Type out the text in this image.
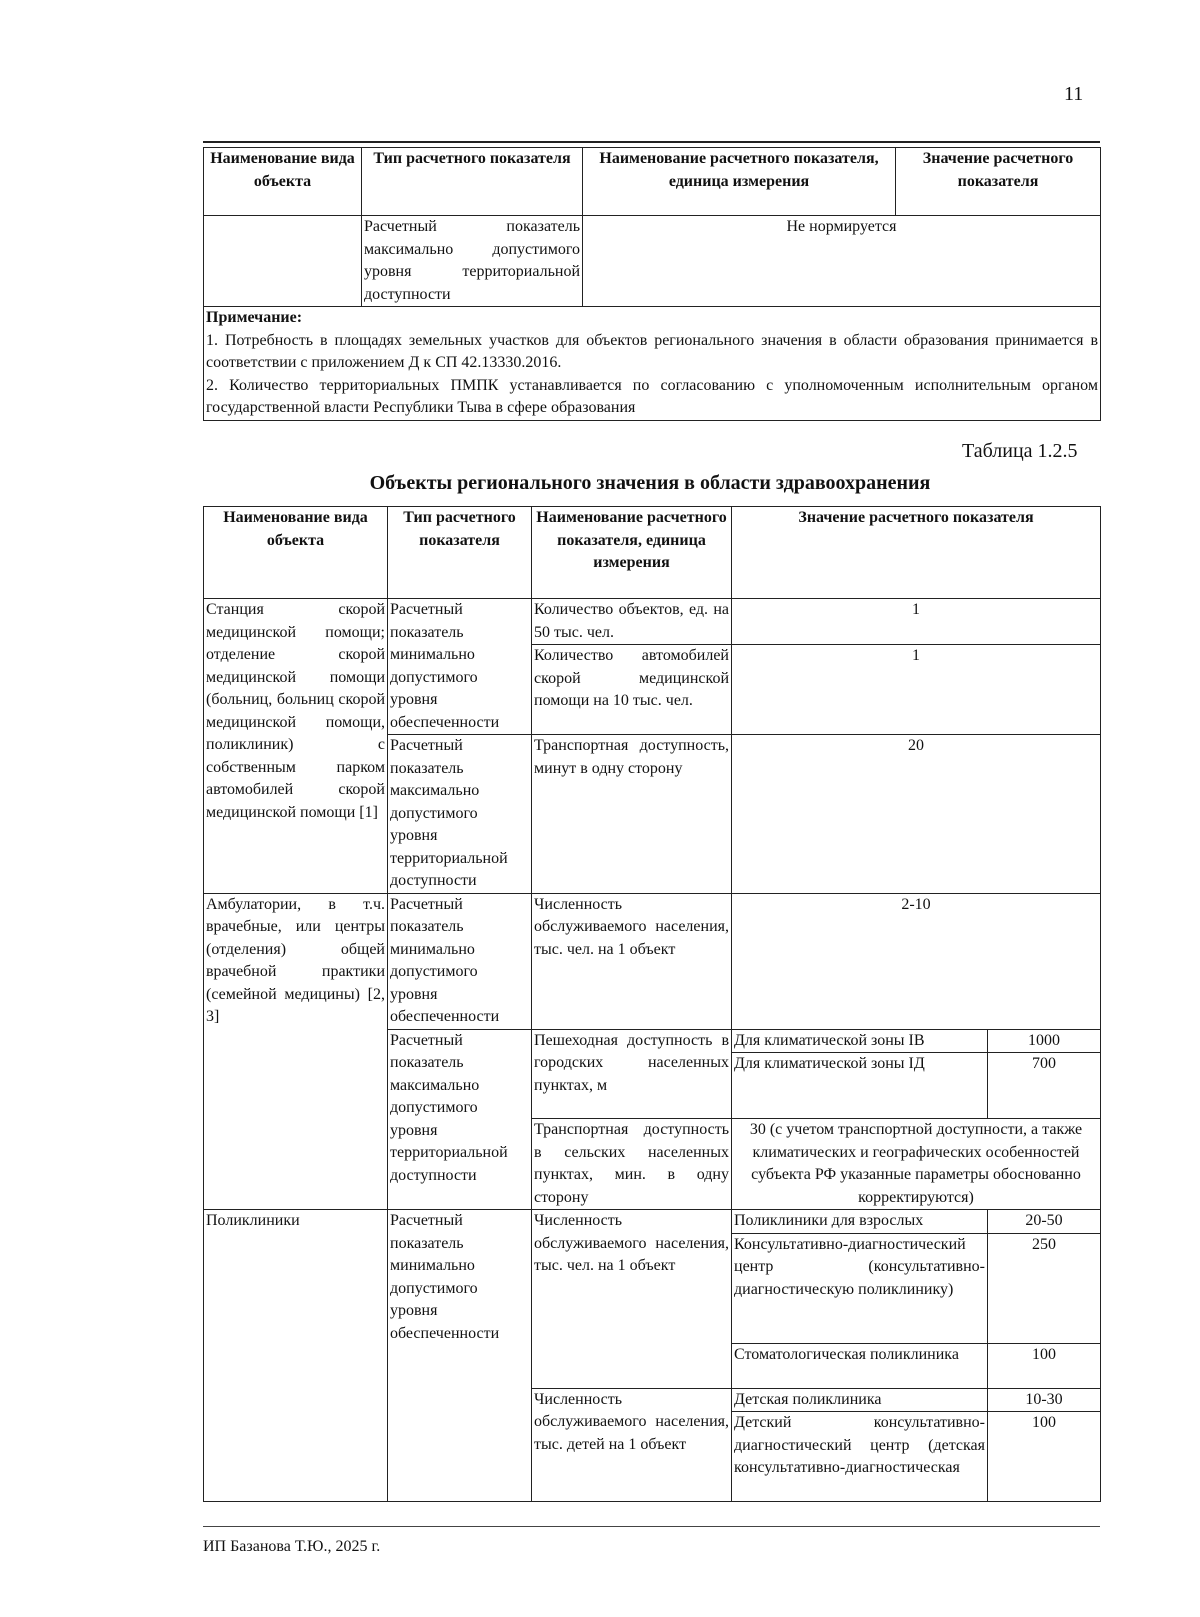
11
Наименование вида объекта	Тип расчетного показателя	Наименование расчетного показателя, единица измерения	Значение расчетного показателя
	Расчетный показатель максимально допустимого уровня территориальной доступности	Не нормируется	

Примечание:
1. Потребность в площадях земельных участков для объектов регионального значения в области образования принимается в соответствии с приложением Д к СП 42.13330.2016.
2. Количество территориальных ПМПК устанавливается по согласованию с уполномоченным исполнительным органом государственной власти Республики Тыва в сфере образования			
Таблица 1.2.5
Объекты регионального значения в области здравоохранения
Наименование вида объекта	Тип расчетного показателя	Наименование расчетного показателя, единица измерения	Значение расчетного показателя	
Станция скорой медицинской помощи; отделение скорой медицинской помощи (больниц, больниц скорой медицинской помощи, поликлиник) с собственным парком автомобилей скорой медицинской помощи [1]	Расчетный показатель минимально допустимого уровня обеспеченности	Количество объектов, ед. на 50 тыс. чел.	1	
		Количество автомобилей скорой медицинской помощи на 10 тыс. чел.	1	
	Расчетный показатель максимально допустимого уровня территориальной доступности	Транспортная доступность, минут в одну сторону	20	

Амбулатории, в т.ч. врачебные, или центры (отделения) общей врачебной практики (семейной медицины) [2, 3]	Расчетный показатель минимально допустимого уровня обеспеченности	Численность обслуживаемого населения, тыс. чел. на 1 объект	2-10	
	Расчетный показатель максимально допустимого уровня территориальной доступности	Пешеходная доступность в городских населенных пунктах, м	Для климатической зоны IВ	1000
			Для климатической зоны IД	700
		Транспортная доступность в сельских населенных пунктах, мин. в одну сторону	30 (с учетом транспортной доступности, а также климатических и географических особенностей субъекта РФ указанные параметры обоснованно корректируются)	
Поликлиники	Расчетный показатель минимально допустимого уровня обеспеченности	Численность обслуживаемого населения, тыс. чел. на 1 объект	Поликлиники для взрослых	20-50
			Консультативно-диагностический центр (консультативно-диагностическую поликлинику)	250
			Стоматологическая поликлиника	100
		Численность обслуживаемого населения, тыс. детей на 1 объект	Детская поликлиника	10-30
			Детский консультативно-диагностический центр (детская консультативно-диагностическая	100
ИП Базанова Т.Ю., 2025 г.
